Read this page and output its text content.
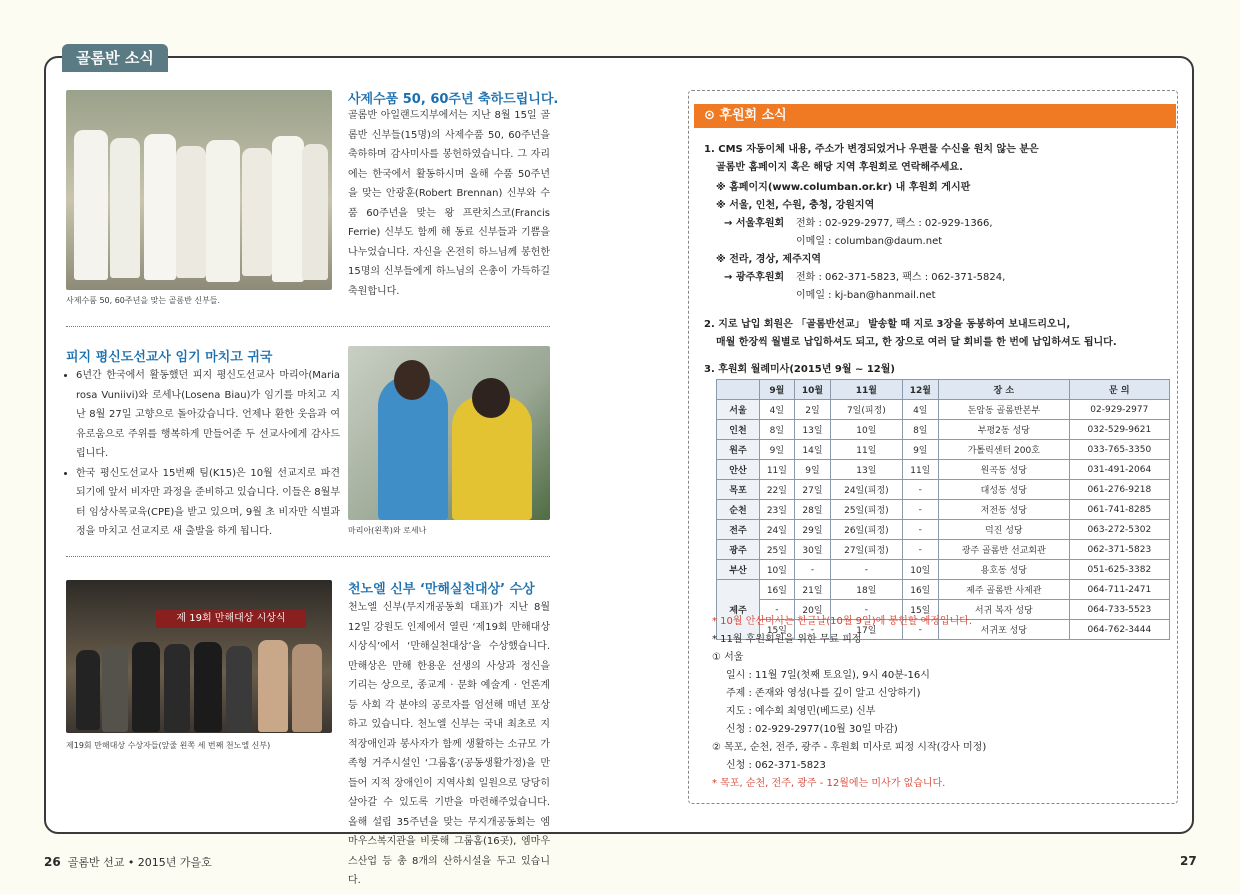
골롬반 소식
사제수품 50, 60주년을 맞는 골롬반 신부들.
사제수품 50, 60주년 축하드립니다.
골롬반 아일랜드지부에서는 지난 8월 15일 골롬반 신부들(15명)의 사제수품 50, 60주년을 축하하며 감사미사를 봉헌하였습니다. 그 자리에는 한국에서 활동하시며 올해 수품 50주년을 맞는 안광훈(Robert Brennan) 신부와 수품 60주년을 맞는 왕 프란치스코(Francis Ferrie) 신부도 함께 해 동료 신부들과 기쁨을 나누었습니다. 자신을 온전히 하느님께 봉헌한 15명의 신부들에게 하느님의 은총이 가득하길 축원합니다.
피지 평신도선교사 임기 마치고 귀국
• 6년간 한국에서 활동했던 피지 평신도선교사 마리아(Maria rosa Vuniivi)와 로세나(Losena Biau)가 임기를 마치고 지난 8월 27일 고향으로 돌아갔습니다. 언제나 환한 웃음과 여유로움으로 주위를 행복하게 만들어준 두 선교사에게 감사드립니다.
• 한국 평신도선교사 15번째 팀(K15)은 10월 선교지로 파견되기에 앞서 비자만 과정을 준비하고 있습니다. 이들은 8월부터 임상사목교육(CPE)을 받고 있으며, 9월 초 비자만 식별과정을 마치고 선교지로 새 출발을 하게 됩니다.	마리아(왼쪽)와 로세나
제 19회 만해대상 시상식
제19회 만해대상 수상자들(앞줄 왼쪽 세 번째 천노엘 신부)
천노엘 신부 ‘만해실천대상’ 수상
천노엘 신부(무지개공동회 대표)가 지난 8월 12일 강원도 인제에서 열린 ‘제19회 만해대상 시상식’에서 ‘만해실천대상’을 수상했습니다. 만해상은 만해 한용운 선생의 사상과 정신을 기리는 상으로, 종교계 · 문화 예술계 · 언론계 등 사회 각 분야의 공로자를 엄선해 매년 포상하고 있습니다. 천노엘 신부는 국내 최초로 지적장애인과 봉사자가 함께 생활하는 소규모 가족형 거주시설인 ‘그룹홈’(공동생활가정)을 만들어 지적 장애인이 지역사회 일원으로 당당히 살아갈 수 있도록 기반을 마련해주었습니다. 올해 설립 35주년을 맞는 무지개공동회는 엠마우스복지관을 비롯해 그룹홈(16곳), 엠마우스산업 등 총 8개의 산하시설을 두고 있습니다.
⊙ 후원회 소식
1. CMS 자동이체 내용, 주소가 변경되었거나 우편물 수신을 원치 않는 분은
골롬반 홈페이지 혹은 해당 지역 후원회로 연락해주세요.
※ 홈페이지(www.columban.or.kr) 내 후원회 게시판
※ 서울, 인천, 수원, 충청, 강원지역
→ 서울후원회 전화 : 02-929-2977, 팩스 : 02-929-1366,
이메일 : columban@daum.net
※ 전라, 경상, 제주지역
→ 광주후원회 전화 : 062-371-5823, 팩스 : 062-371-5824,
이메일 : kj-ban@hanmail.net
2. 지로 납입 회원은 「골롬반선교」 발송할 때 지로 3장을 동봉하여 보내드리오니,
매월 한장씩 월별로 납입하셔도 되고, 한 장으로 여러 달 회비를 한 번에 납입하셔도 됩니다.
3. 후원회 월례미사(2015년 9월 ~ 12월)
	9월	10월	11월	12월	장 소	문 의
서울	4일	2일	7일(피정)	4일	돈암동 골롬반본부	02-929-2977
인천	8일	13일	10일	8일	부평2동 성당	032-529-9621
원주	9일	14일	11일	9일	가톨릭센터 200호	033-765-3350
안산	11일	9일	13일	11일	원곡동 성당	031-491-2064
목포	22일	27일	24일(피정)	-	대성동 성당	061-276-9218
순천	23일	28일	25일(피정)	-	저전동 성당	061-741-8285
전주	24일	29일	26일(피정)	-	덕진 성당	063-272-5302
광주	25일	30일	27일(피정)	-	광주 골롬반 선교회관	062-371-5823
부산	10일	-	-	10일	용호동 성당	051-625-3382
제주	16일	21일	18일	16일	제주 골롬반 사제관	064-711-2471
	-	20일	-	15일	서귀 복자 성당	064-733-5523
	15일	-	17일	-	서귀포 성당	064-762-3444
* 10월 안산미사는 한글날(10월 9일)에 봉헌할 예정입니다.
* 11월 후원회원을 위한 무료 피정
① 서울
일시 : 11월 7일(첫째 토요일), 9시 40분-16시
주제 : 존재와 영성(나를 깊이 알고 신앙하기)
지도 : 예수회 최영민(베드로) 신부
신청 : 02-929-2977(10월 30일 마감)
② 목포, 순천, 전주, 광주 - 후원회 미사로 피정 시작(강사 미정)
신청 : 062-371-5823
* 목포, 순천, 전주, 광주 - 12월에는 미사가 없습니다.
26 골롬반 선교 • 2015년 가을호	27
